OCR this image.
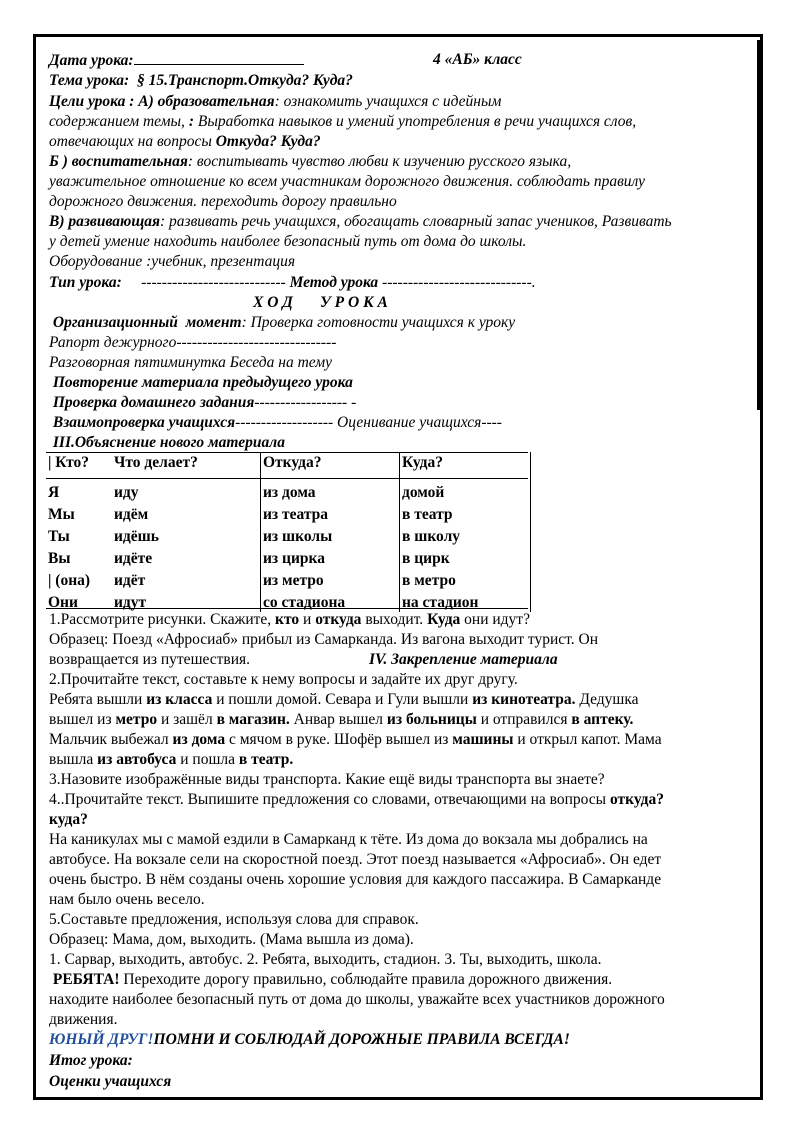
Дата урока:	4 «АБ» класс
Тема урока: § 15.Транспорт.Откуда? Куда?
Цели урока : А) образовательная: ознакомить учащихся с идейным
содержанием темы, : Выработка навыков и умений употребления в речи учащихся слов,
отвечающих на вопросы Откуда? Куда?
Б ) воспитательная: воспитывать чувство любви к изучению русского языка,
уважительное отношение ко всем участникам дорожного движения. соблюдать правилу
дорожного движения. переходить дорогу правильно
В) развивающая: развивать речь учащихся, обогащать словарный запас учеников, Развивать
у детей умение находить наиболее безопасный путь от дома до школы.
Оборудование :учебник, презентация
Тип урока:     ---------------------------- Метод урока -----------------------------.
Х О Д       У Р О К А
Организационный  момент: Проверка готовности учащихся к уроку
Рапорт дежурного-------------------------------
Разговорная пятиминутка Беседа на тему
Повторение материала предыдущего урока
Проверка домашнего задания------------------ -
Взаимопроверка учащихся------------------- Оценивание учащихся----
III.Объяснение нового материала
| Кто?	Что делает?	Откуда?	Куда?
Я	иду	из дома	домой
Мы	идём	из театра	в театр
Ты	идёшь	из школы	в школу
Вы	идёте	из цирка	в цирк
| (она)	идёт	из метро	в метро
Они	идут	со стадиона	на стадион
1.Рассмотрите рисунки. Скажите, кто и откуда выходит. Куда они идут?
Образец: Поезд «Афросиаб» прибыл из Самарканда. Из вагона выходит турист. Он
возвращается из путешествия.	IV. Закрепление материала
2.Прочитайте текст, составьте к нему вопросы и задайте их друг другу.
Ребята вышли из класса и пошли домой. Севара и Гули вышли из кинотеатра. Дедушка
вышел из метро и зашёл в магазин. Анвар вышел из больницы и отправился в аптеку.
Мальчик выбежал из дома с мячом в руке. Шофёр вышел из машины и открыл капот. Мама
вышла из автобуса и пошла в театр.
3.Назовите изображённые виды транспорта. Какие ещё виды транспорта вы знаете?
4..Прочитайте текст. Выпишите предложения со словами, отвечающими на вопросы откуда?
куда?
На каникулах мы с мамой ездили в Самарканд к тёте. Из дома до вокзала мы добрались на
автобусе. На вокзале сели на скоростной поезд. Этот поезд называется «Афросиаб». Он едет
очень быстро. В нём созданы очень хорошие условия для каждого пассажира. В Самарканде
нам было очень весело.
5.Составьте предложения, используя слова для справок.
Образец: Мама, дом, выходить. (Мама вышла из дома).
1. Сарвар, выходить, автобус. 2. Ребята, выходить, стадион. 3. Ты, выходить, школа.
РЕБЯТА! Переходите дорогу правильно, соблюдайте правила дорожного движения.
находите наиболее безопасный путь от дома до школы, уважайте всех участников дорожного
движения.
ЮНЫЙ ДРУГ!ПОМНИ И СОБЛЮДАЙ ДОРОЖНЫЕ ПРАВИЛА ВСЕГДА!
Итог урока:
Оценки учащихся
